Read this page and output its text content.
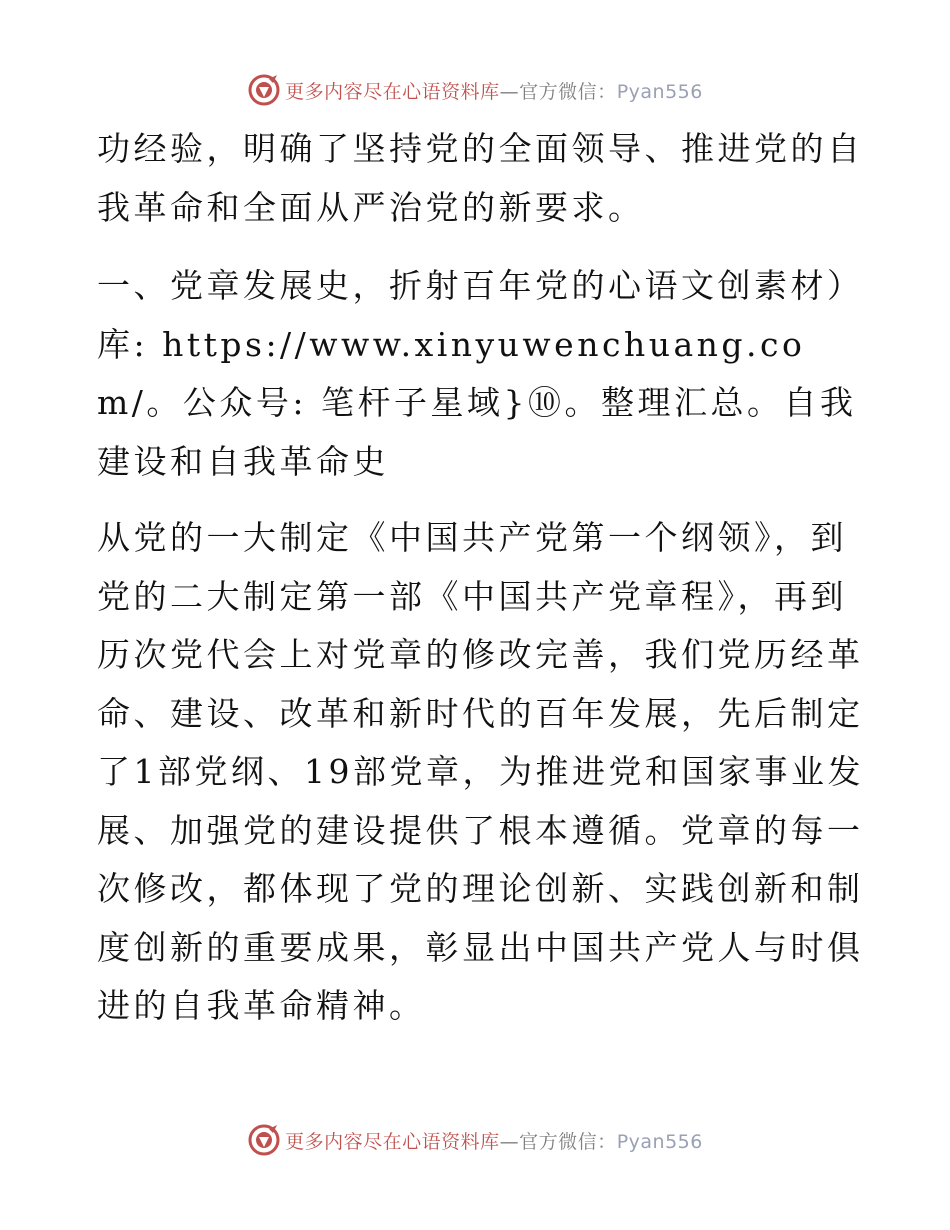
更多内容尽在心语资料库—官方微信：Pyan556

功经验，明确了坚持党的全面领导、推进党的自我革命和全面从严治党的新要求。

一、党章发展史，折射百年党的心语文创素材）库: https://www.xinyuwenchuang.com/。公众号: 笔杆子星域}⑩。整理汇总。自我建设和自我革命史

从党的一大制定《中国共产党第一个纲领》，到党的二大制定第一部《中国共产党章程》，再到历次党代会上对党章的修改完善，我们党历经革命、建设、改革和新时代的百年发展，先后制定了1部党纲、19部党章，为推进党和国家事业发展、加强党的建设提供了根本遵循。党章的每一次修改，都体现了党的理论创新、实践创新和制度创新的重要成果，彰显出中国共产党人与时俱进的自我革命精神。

更多内容尽在心语资料库—官方微信：Pyan556
